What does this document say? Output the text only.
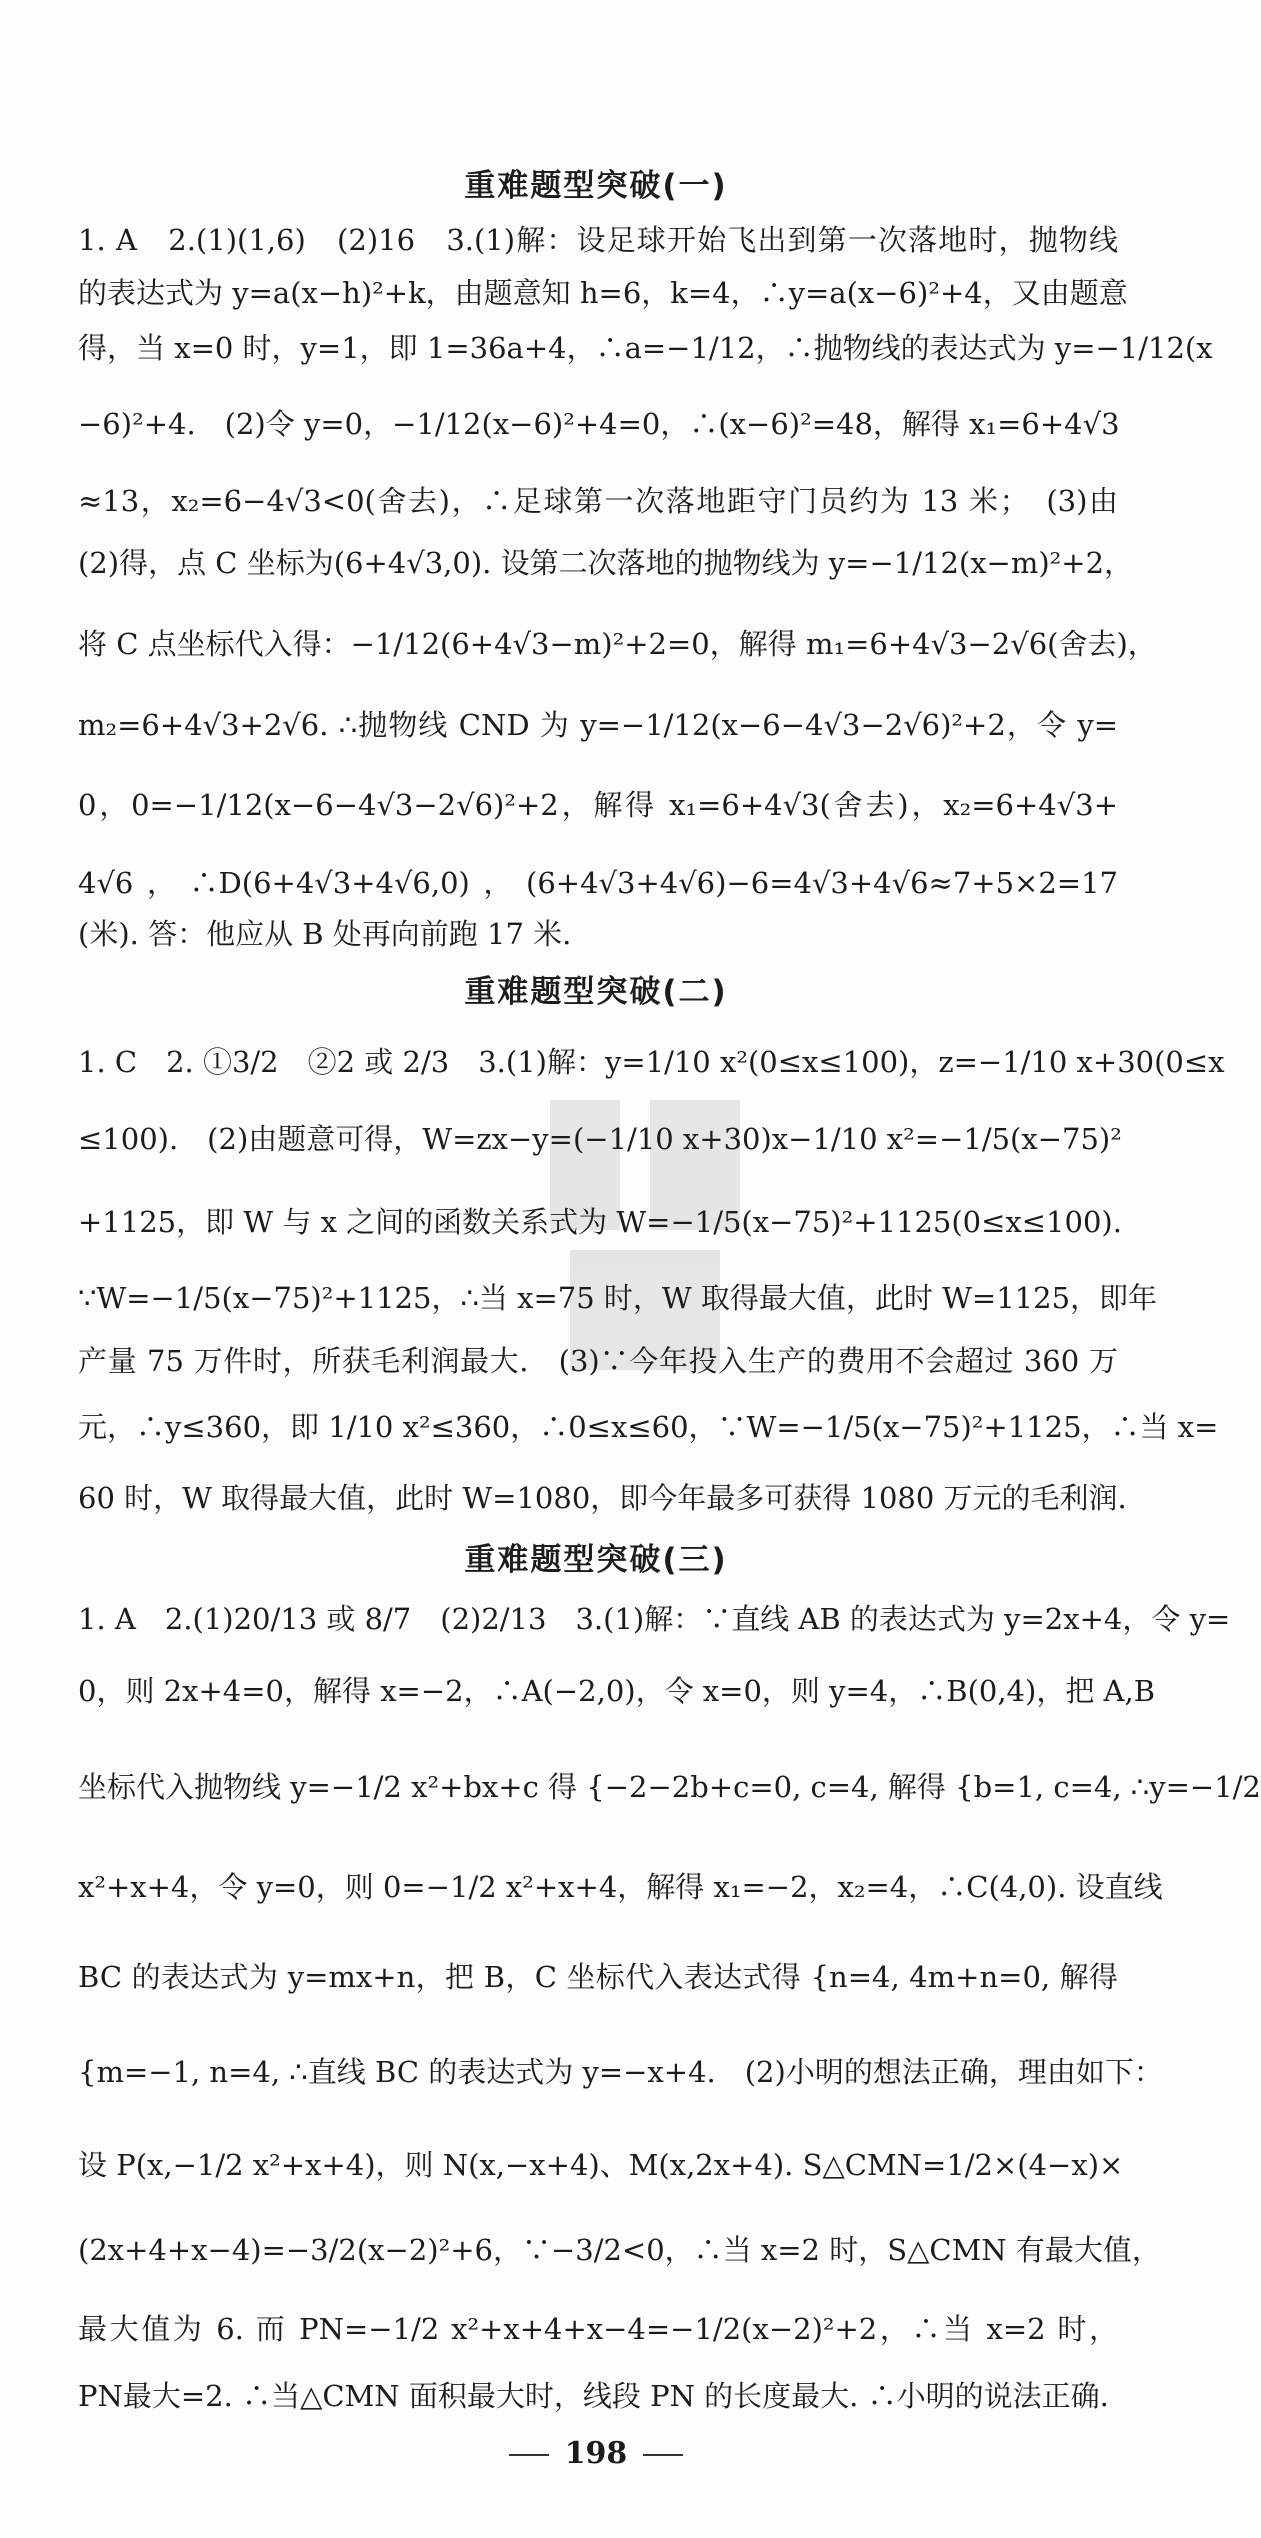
重难题型突破(一)
1. A　2.(1)(1,6)　(2)16　3.(1)解：设足球开始飞出到第一次落地时，抛物线
的表达式为 y=a(x−h)²+k，由题意知 h=6，k=4，∴y=a(x−6)²+4，又由题意
得，当 x=0 时，y=1，即 1=36a+4，∴a=−1/12，∴抛物线的表达式为 y=−1/12(x
−6)²+4.　(2)令 y=0，−1/12(x−6)²+4=0，∴(x−6)²=48，解得 x₁=6+4√3
≈13，x₂=6−4√3<0(舍去)，∴足球第一次落地距守门员约为 13 米；　(3)由
(2)得，点 C 坐标为(6+4√3,0). 设第二次落地的抛物线为 y=−1/12(x−m)²+2，
将 C 点坐标代入得：−1/12(6+4√3−m)²+2=0，解得 m₁=6+4√3−2√6(舍去)，
m₂=6+4√3+2√6. ∴抛物线 CND 为 y=−1/12(x−6−4√3−2√6)²+2，令 y=
0，0=−1/12(x−6−4√3−2√6)²+2，解得 x₁=6+4√3(舍去)，x₂=6+4√3+
4√6，∴D(6+4√3+4√6,0)，(6+4√3+4√6)−6=4√3+4√6≈7+5×2=17
(米). 答：他应从 B 处再向前跑 17 米.
重难题型突破(二)
1. C　2. ①3/2　②2 或 2/3　3.(1)解：y=1/10 x²(0≤x≤100)，z=−1/10 x+30(0≤x
≤100).　(2)由题意可得，W=zx−y=(−1/10 x+30)x−1/10 x²=−1/5(x−75)²
+1125，即 W 与 x 之间的函数关系式为 W=−1/5(x−75)²+1125(0≤x≤100).
∵W=−1/5(x−75)²+1125，∴当 x=75 时，W 取得最大值，此时 W=1125，即年
产量 75 万件时，所获毛利润最大.　(3)∵今年投入生产的费用不会超过 360 万
元，∴y≤360，即 1/10 x²≤360，∴0≤x≤60，∵W=−1/5(x−75)²+1125，∴当 x=
60 时，W 取得最大值，此时 W=1080，即今年最多可获得 1080 万元的毛利润.
重难题型突破(三)
1. A　2.(1)20/13 或 8/7　(2)2/13　3.(1)解：∵直线 AB 的表达式为 y=2x+4，令 y=
0，则 2x+4=0，解得 x=−2，∴A(−2,0)，令 x=0，则 y=4，∴B(0,4)，把 A,B
坐标代入抛物线 y=−1/2 x²+bx+c 得 {−2−2b+c=0, c=4, 解得 {b=1, c=4, ∴y=−1/2
x²+x+4，令 y=0，则 0=−1/2 x²+x+4，解得 x₁=−2，x₂=4，∴C(4,0). 设直线
BC 的表达式为 y=mx+n，把 B，C 坐标代入表达式得 {n=4, 4m+n=0, 解得
{m=−1, n=4, ∴直线 BC 的表达式为 y=−x+4.　(2)小明的想法正确，理由如下：
设 P(x,−1/2 x²+x+4)，则 N(x,−x+4)、M(x,2x+4). S△CMN=1/2×(4−x)×
(2x+4+x−4)=−3/2(x−2)²+6，∵−3/2<0，∴当 x=2 时，S△CMN 有最大值，
最大值为 6. 而 PN=−1/2 x²+x+4+x−4=−1/2(x−2)²+2，∴当 x=2 时，
PN最大=2. ∴当△CMN 面积最大时，线段 PN 的长度最大. ∴小明的说法正确.
198
